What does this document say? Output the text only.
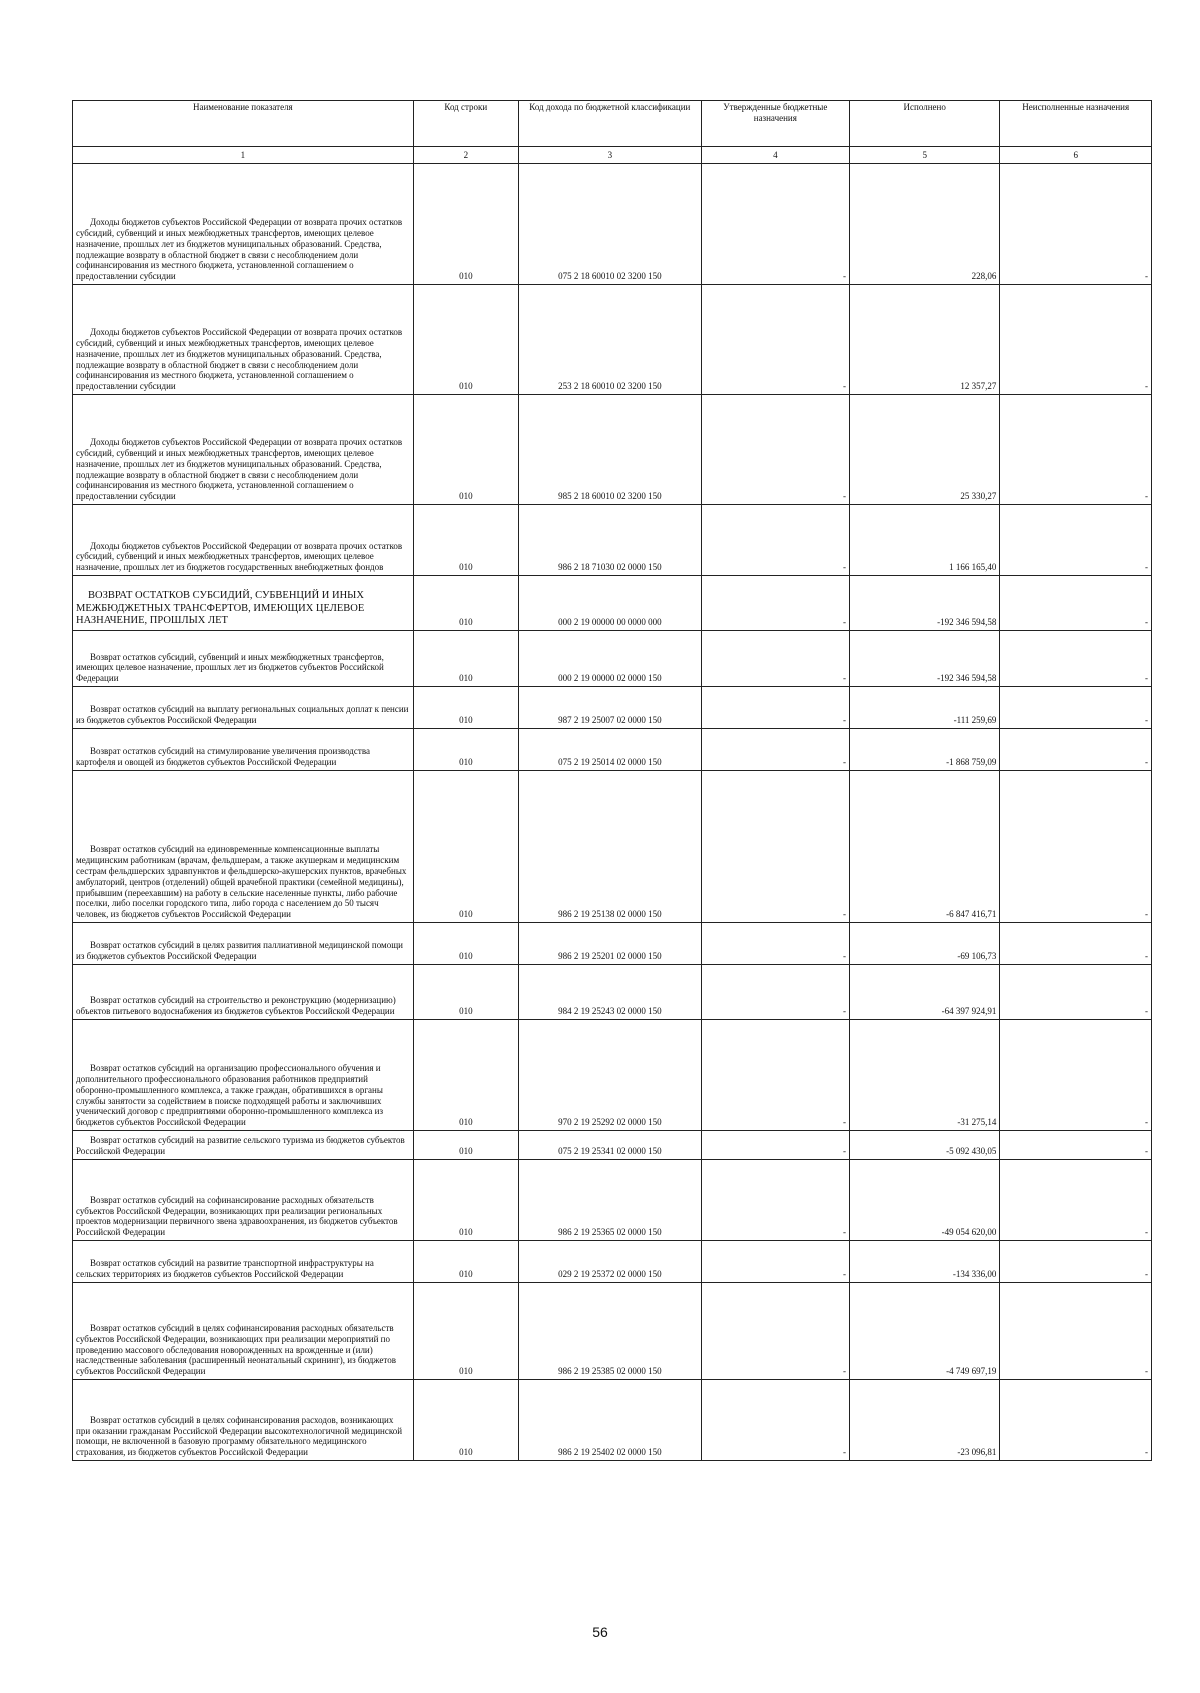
Наименование показателя	Код строки	Код дохода по бюджетной классификации	Утвержденные бюджетные назначения	Исполнено	Неисполненные назначения
1	2	3	4	5	6
Доходы бюджетов субъектов Российской Федерации от возврата прочих остатков субсидий, субвенций и иных межбюджетных трансфертов, имеющих целевое назначение, прошлых лет из бюджетов муниципальных образований. Средства, подлежащие возврату в областной бюджет в связи с несоблюдением доли софинансирования из местного бюджета, установленной соглашением о предоставлении субсидии	010	075 2 18 60010 02 3200 150	-	228,06	-
Доходы бюджетов субъектов Российской Федерации от возврата прочих остатков субсидий, субвенций и иных межбюджетных трансфертов, имеющих целевое назначение, прошлых лет из бюджетов муниципальных образований. Средства, подлежащие возврату в областной бюджет в связи с несоблюдением доли софинансирования из местного бюджета, установленной соглашением о предоставлении субсидии	010	253 2 18 60010 02 3200 150	-	12 357,27	-
Доходы бюджетов субъектов Российской Федерации от возврата прочих остатков субсидий, субвенций и иных межбюджетных трансфертов, имеющих целевое назначение, прошлых лет из бюджетов муниципальных образований. Средства, подлежащие возврату в областной бюджет в связи с несоблюдением доли софинансирования из местного бюджета, установленной соглашением о предоставлении субсидии	010	985 2 18 60010 02 3200 150	-	25 330,27	-
Доходы бюджетов субъектов Российской Федерации от возврата прочих остатков субсидий, субвенций и иных межбюджетных трансфертов, имеющих целевое назначение, прошлых лет из бюджетов государственных внебюджетных фондов	010	986 2 18 71030 02 0000 150	-	1 166 165,40	-
ВОЗВРАТ ОСТАТКОВ СУБСИДИЙ, СУБВЕНЦИЙ И ИНЫХ МЕЖБЮДЖЕТНЫХ ТРАНСФЕРТОВ, ИМЕЮЩИХ ЦЕЛЕВОЕ НАЗНАЧЕНИЕ, ПРОШЛЫХ ЛЕТ	010	000 2 19 00000 00 0000 000	-	-192 346 594,58	-
Возврат остатков субсидий, субвенций и иных межбюджетных трансфертов, имеющих целевое назначение, прошлых лет из бюджетов субъектов Российской Федерации	010	000 2 19 00000 02 0000 150	-	-192 346 594,58	-
Возврат остатков субсидий на выплату региональных социальных доплат к пенсии из бюджетов субъектов Российской Федерации	010	987 2 19 25007 02 0000 150	-	-111 259,69	-
Возврат остатков субсидий на стимулирование увеличения производства картофеля и овощей из бюджетов субъектов Российской Федерации	010	075 2 19 25014 02 0000 150	-	-1 868 759,09	-
Возврат остатков субсидий на единовременные компенсационные выплаты медицинским работникам (врачам, фельдшерам, а также акушеркам и медицинским сестрам фельдшерских здравпунктов и фельдшерско-акушерских пунктов, врачебных амбулаторий, центров (отделений) общей врачебной практики (семейной медицины), прибывшим (переехавшим) на работу в сельские населенные пункты, либо рабочие поселки, либо поселки городского типа, либо города с населением до 50 тысяч человек, из бюджетов субъектов Российской Федерации	010	986 2 19 25138 02 0000 150	-	-6 847 416,71	-
Возврат остатков субсидий в целях развития паллиативной медицинской помощи из бюджетов субъектов Российской Федерации	010	986 2 19 25201 02 0000 150	-	-69 106,73	-
Возврат остатков субсидий на строительство и реконструкцию (модернизацию) объектов питьевого водоснабжения из бюджетов субъектов Российской Федерации	010	984 2 19 25243 02 0000 150	-	-64 397 924,91	-
Возврат остатков субсидий на организацию профессионального обучения и дополнительного профессионального образования работников предприятий оборонно-промышленного комплекса, а также граждан, обратившихся в органы службы занятости за содействием в поиске подходящей работы и заключивших ученический договор с предприятиями оборонно-промышленного комплекса из бюджетов субъектов Российской Федерации	010	970 2 19 25292 02 0000 150	-	-31 275,14	-
Возврат остатков субсидий на развитие сельского туризма из бюджетов субъектов Российской Федерации	010	075 2 19 25341 02 0000 150	-	-5 092 430,05	-
Возврат остатков субсидий на софинансирование расходных обязательств субъектов Российской Федерации, возникающих при реализации региональных проектов модернизации первичного звена здравоохранения, из бюджетов субъектов Российской Федерации	010	986 2 19 25365 02 0000 150	-	-49 054 620,00	-
Возврат остатков субсидий на развитие транспортной инфраструктуры на сельских территориях из бюджетов субъектов Российской Федерации	010	029 2 19 25372 02 0000 150	-	-134 336,00	-
Возврат остатков субсидий в целях софинансирования расходных обязательств субъектов Российской Федерации, возникающих при реализации мероприятий по проведению массового обследования новорожденных на врожденные и (или) наследственные заболевания (расширенный неонатальный скрининг), из бюджетов субъектов Российской Федерации	010	986 2 19 25385 02 0000 150	-	-4 749 697,19	-
Возврат остатков субсидий в целях софинансирования расходов, возникающих при оказании гражданам Российской Федерации высокотехнологичной медицинской помощи, не включенной в базовую программу обязательного медицинского страхования, из бюджетов субъектов Российской Федерации	010	986 2 19 25402 02 0000 150	-	-23 096,81	-
56
